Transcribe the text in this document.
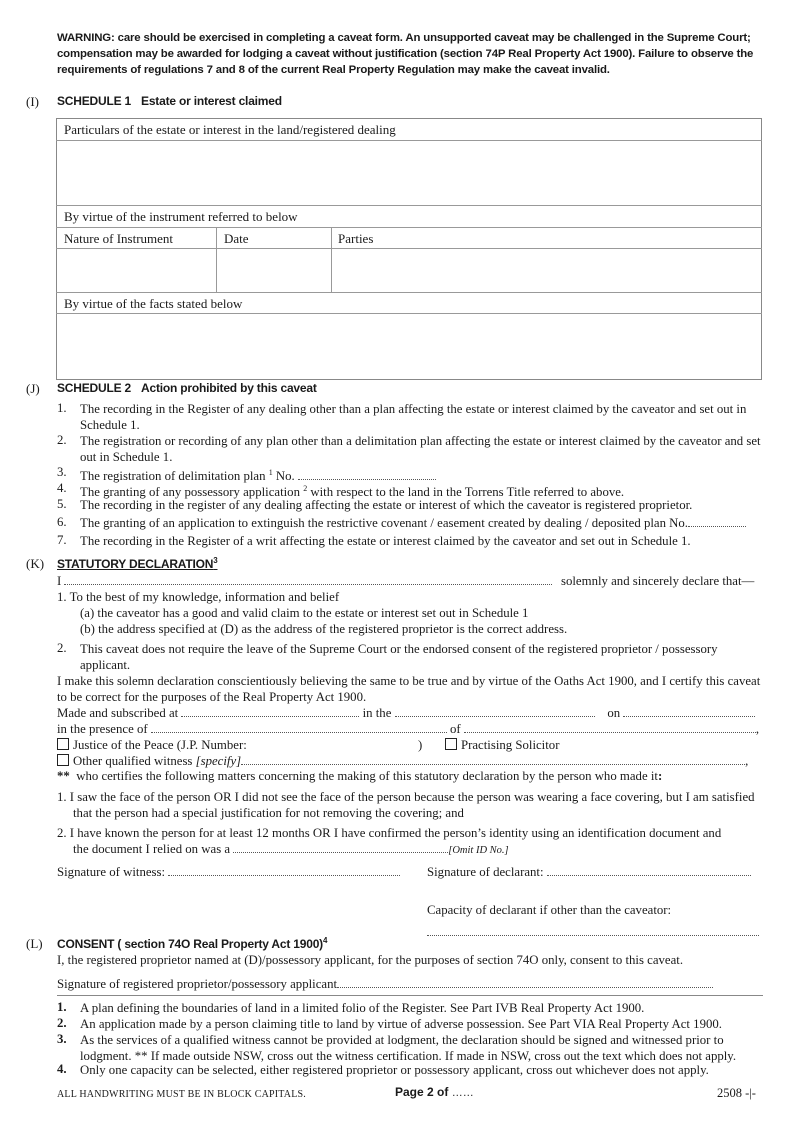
WARNING: care should be exercised in completing a caveat form. An unsupported caveat may be challenged in the Supreme Court; compensation may be awarded for lodging a caveat without justification (section 74P Real Property Act 1900). Failure to observe the requirements of regulations 7 and 8 of the current Real Property Regulation may make the caveat invalid.
(I) SCHEDULE 1 Estate or interest claimed
Particulars of the estate or interest in the land/registered dealing
By virtue of the instrument referred to below
Nature of Instrument	Date	Parties
By virtue of the facts stated below
(J) SCHEDULE 2 Action prohibited by this caveat
1. The recording in the Register of any dealing other than a plan affecting the estate or interest claimed by the caveator and set out in Schedule 1.
2. The registration or recording of any plan other than a delimitation plan affecting the estate or interest claimed by the caveator and set out in Schedule 1.
3. The registration of delimitation plan $^1$ No.
4. The granting of any possessory application $^2$ with respect to the land in the Torrens Title referred to above.
5. The recording in the register of any dealing affecting the estate or interest of which the caveator is registered proprietor.
6. The granting of an application to extinguish the restrictive covenant / easement created by dealing / deposited plan No.
7. The recording in the Register of a writ affecting the estate or interest claimed by the caveator and set out in Schedule 1.
(K) STATUTORY DECLARATION$^3$
I	solemnly and sincerely declare that—
1. To the best of my knowledge, information and belief
(a) the caveator has a good and valid claim to the estate or interest set out in Schedule 1
(b) the address specified at (D) as the address of the registered proprietor is the correct address.
2. This caveat does not require the leave of the Supreme Court or the endorsed consent of the registered proprietor / possessory applicant.
I make this solemn declaration conscientiously believing the same to be true and by virtue of the Oaths Act 1900, and I certify this caveat to be correct for the purposes of the Real Property Act 1900.
Made and subscribed at	in the	on
in the presence of	of	,
Justice of the Peace (J.P. Number:	)	Practising Solicitor
Other qualified witness [specify]	,
** who certifies the following matters concerning the making of this statutory declaration by the person who made it:
1. I saw the face of the person OR I did not see the face of the person because the person was wearing a face covering, but I am satisfied that the person had a special justification for not removing the covering; and
2. I have known the person for at least 12 months OR I have confirmed the person’s identity using an identification document and
the document I relied on was a	[Omit ID No.]
Signature of witness:	Signature of declarant:
Capacity of declarant if other than the caveator:
(L) CONSENT ( section 74O Real Property Act 1900)$^4$
I, the registered proprietor named at (D)/possessory applicant, for the purposes of section 74O only, consent to this caveat.
Signature of registered proprietor/possessory applicant
1. A plan defining the boundaries of land in a limited folio of the Register. See Part IVB Real Property Act 1900.
2. An application made by a person claiming title to land by virtue of adverse possession. See Part VIA Real Property Act 1900.
3. As the services of a qualified witness cannot be provided at lodgment, the declaration should be signed and witnessed prior to lodgment. ** If made outside NSW, cross out the witness certification. If made in NSW, cross out the text which does not apply.
4. Only one capacity can be selected, either registered proprietor or possessory applicant, cross out whichever does not apply.
ALL HANDWRITING MUST BE IN BLOCK CAPITALS.	Page 2 of ……	2508 -|-
